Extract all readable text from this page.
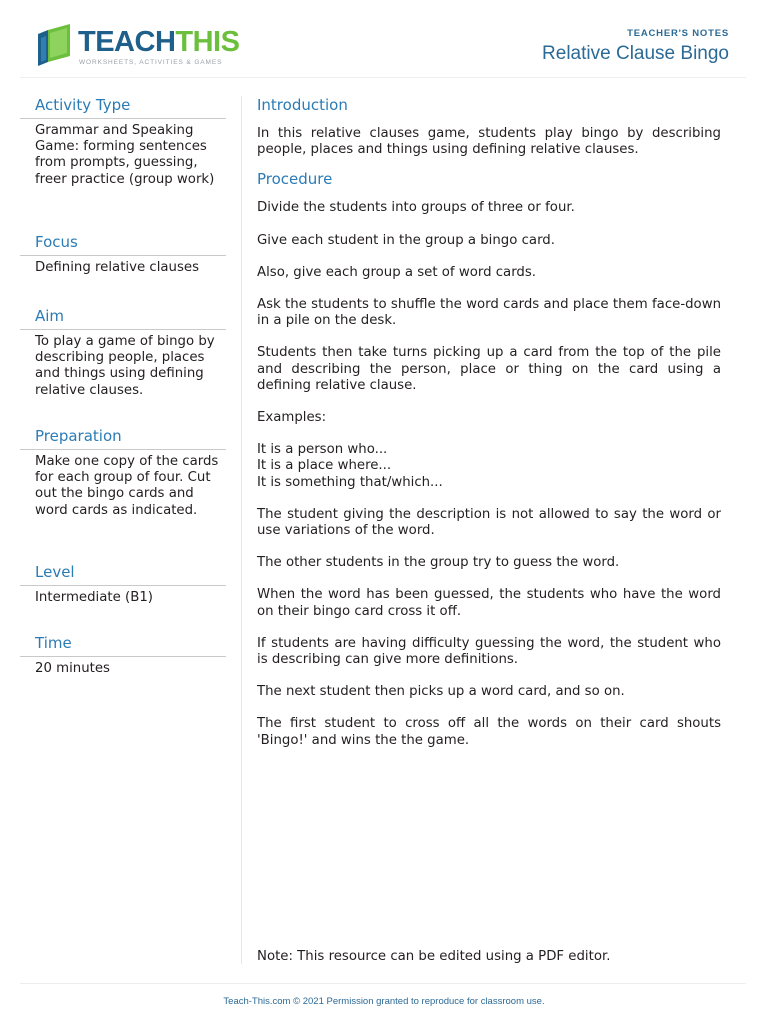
TEACHTHIS
WORKSHEETS, ACTIVITIES & GAMES
TEACHER'S NOTES
Relative Clause Bingo
Activity Type
Grammar and Speaking Game: forming sentences from prompts, guessing, freer practice (group work)
Focus
Defining relative clauses
Aim
To play a game of bingo by describing people, places and things using defining relative clauses.
Preparation
Make one copy of the cards for each group of four. Cut out the bingo cards and word cards as indicated.
Level
Intermediate (B1)
Time
20 minutes
Introduction
In this relative clauses game, students play bingo by describing people, places and things using defining relative clauses.
Procedure
Divide the students into groups of three or four.
Give each student in the group a bingo card.
Also, give each group a set of word cards.
Ask the students to shuffle the word cards and place them face-down in a pile on the desk.
Students then take turns picking up a card from the top of the pile and describing the person, place or thing on the card using a defining relative clause.
Examples:
It is a person who...
It is a place where...
It is something that/which...
The student giving the description is not allowed to say the word or use variations of the word.
The other students in the group try to guess the word.
When the word has been guessed, the students who have the word on their bingo card cross it off.
If students are having difficulty guessing the word, the student who is describing can give more definitions.
The next student then picks up a word card, and so on.
The first student to cross off all the words on their card shouts 'Bingo!' and wins the the game.
Note: This resource can be edited using a PDF editor.
Teach-This.com © 2021 Permission granted to reproduce for classroom use.
